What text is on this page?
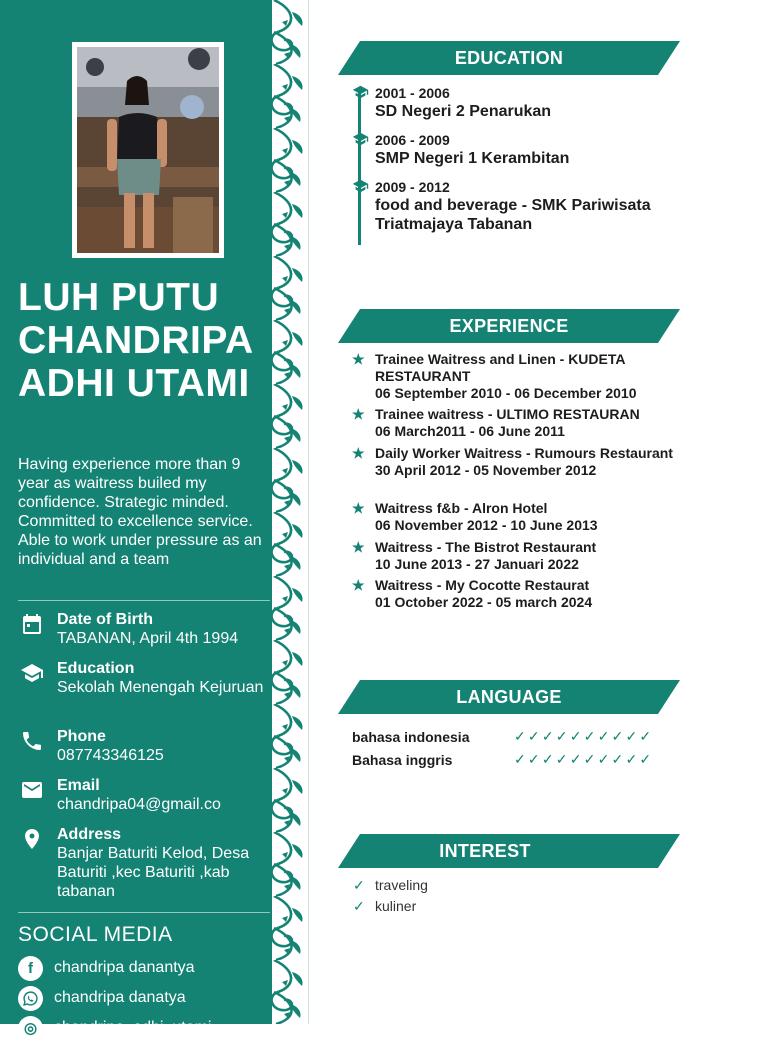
LUH PUTU
CHANDRIPA
ADHI UTAMI

Having experience more than 9 year as waitress builed my confidence. Strategic minded. Committed to excellence service. Able to work under pressure as an individual and a team

Date of Birth
TABANAN, April 4th 1994
Education
Sekolah Menengah Kejuruan
Phone
087743346125
Email
chandripa04@gmail.co
Address
Banjar Baturiti Kelod, Desa Baturiti ,kec Baturiti ,kab tabanan
SOCIAL MEDIA
f	chandripa danantya
chandripa danatya
◎	chandripa_adhi_utami
EDUCATION
2001 - 2006
SD Negeri 2 Penarukan
2006 - 2009
SMP Negeri 1 Kerambitan
2009 - 2012
food and beverage - SMK Pariwisata Triatmajaya Tabanan
EXPERIENCE
★ Trainee Waitress and Linen - KUDETA RESTAURANT
06 September 2010 - 06 December 2010
★ Trainee waitress - ULTIMO RESTAURAN
06 March2011 - 06 June 2011
★ Daily Worker Waitress - Rumours Restaurant
30 April 2012 - 05 November 2012
★ Waitress f&b - Alron Hotel
06 November 2012 - 10 June 2013
★ Waitress - The Bistrot Restaurant
10 June 2013 - 27 Januari 2022
★ Waitress - My Cocotte Restaurat
01 October 2022 - 05 march 2024
LANGUAGE
bahasa indonesia	✓✓✓✓✓✓✓✓✓✓
Bahasa inggris	✓✓✓✓✓✓✓✓✓✓
INTEREST
✓ traveling
✓ kuliner
